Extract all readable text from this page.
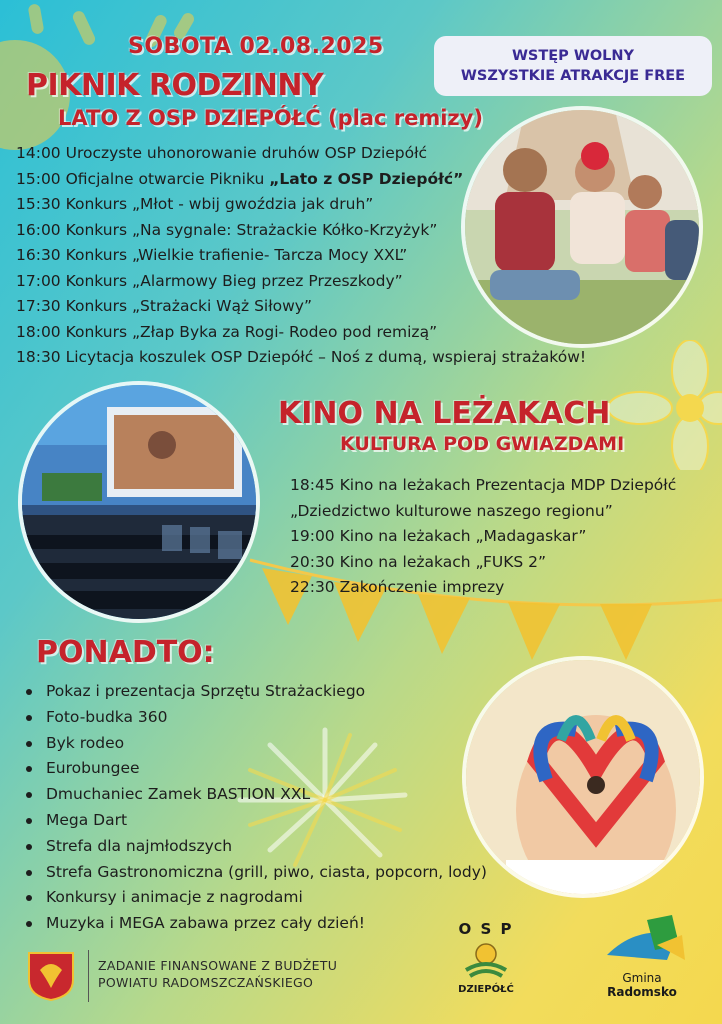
SOBOTA 02.08.2025
PIKNIK RODZINNY
LATO Z OSP DZIEPÓŁĆ (plac remizy)
WSTĘP WOLNY
WSZYSTKIE ATRAKCJE FREE
14:00 Uroczyste uhonorowanie druhów OSP Dziepółć
15:00 Oficjalne otwarcie Pikniku „Lato z OSP Dziepółć”
15:30 Konkurs „Młot - wbij gwoździa jak druh”
16:00 Konkurs „Na sygnale: Strażackie Kółko-Krzyżyk”
16:30 Konkurs „Wielkie trafienie- Tarcza Mocy XXL”
17:00 Konkurs „Alarmowy Bieg przez Przeszkody”
17:30 Konkurs „Strażacki Wąż Siłowy”
18:00 Konkurs „Złap Byka za Rogi- Rodeo pod remizą”
18:30 Licytacja koszulek OSP Dziepółć – Noś z dumą, wspieraj strażaków!
KINO NA LEŻAKACH
KULTURA POD GWIAZDAMI
18:45 Kino na leżakach Prezentacja MDP Dziepółć
„Dziedzictwo kulturowe naszego regionu”
19:00 Kino na leżakach „Madagaskar”
20:30 Kino na leżakach „FUKS 2”
22:30 Zakończenie imprezy
PONADTO:
Pokaz i prezentacja Sprzętu Strażackiego
Foto-budka 360
Byk rodeo
Eurobungee
Dmuchaniec Zamek BASTION XXL
Mega Dart
Strefa dla najmłodszych
Strefa Gastronomiczna (grill, piwo, ciasta, popcorn, lody)
Konkursy i animacje z nagrodami
Muzyka i MEGA zabawa przez cały dzień!
ZADANIE FINANSOWANE Z BUDŻETU
POWIATU RADOMSZCZAŃSKIEGO
O S P
DZIEPÓŁĆ
Gmina
Radomsko
